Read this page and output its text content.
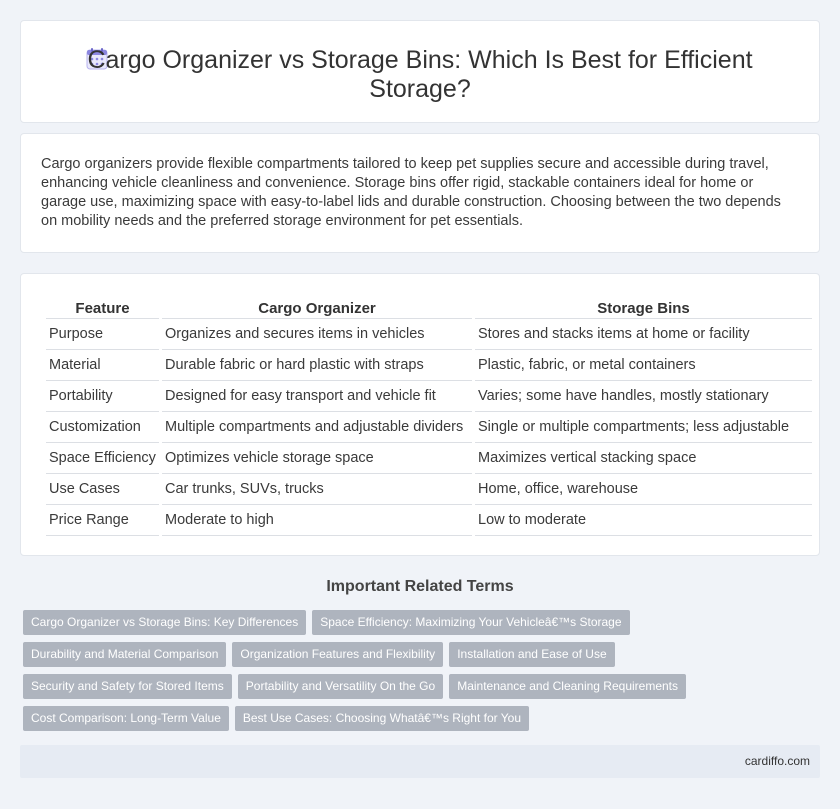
Cargo Organizer vs Storage Bins: Which Is Best for Efficient Storage?

Cargo organizers provide flexible compartments tailored to keep pet supplies secure and accessible during travel, enhancing vehicle cleanliness and convenience. Storage bins offer rigid, stackable containers ideal for home or garage use, maximizing space with easy-to-label lids and durable construction. Choosing between the two depends on mobility needs and the preferred storage environment for pet essentials.

Feature	Cargo Organizer	Storage Bins
Purpose	Organizes and secures items in vehicles	Stores and stacks items at home or facility
Material	Durable fabric or hard plastic with straps	Plastic, fabric, or metal containers
Portability	Designed for easy transport and vehicle fit	Varies; some have handles, mostly stationary
Customization	Multiple compartments and adjustable dividers	Single or multiple compartments; less adjustable
Space Efficiency	Optimizes vehicle storage space	Maximizes vertical stacking space
Use Cases	Car trunks, SUVs, trucks	Home, office, warehouse
Price Range	Moderate to high	Low to moderate
Important Related Terms
Cargo Organizer vs Storage Bins: Key Differences	Space Efficiency: Maximizing Your Vehicleâ€™s Storage
Durability and Material Comparison	Organization Features and Flexibility	Installation and Ease of Use
Security and Safety for Stored Items	Portability and Versatility On the Go	Maintenance and Cleaning Requirements
Cost Comparison: Long-Term Value	Best Use Cases: Choosing Whatâ€™s Right for You
cardiffo.com
